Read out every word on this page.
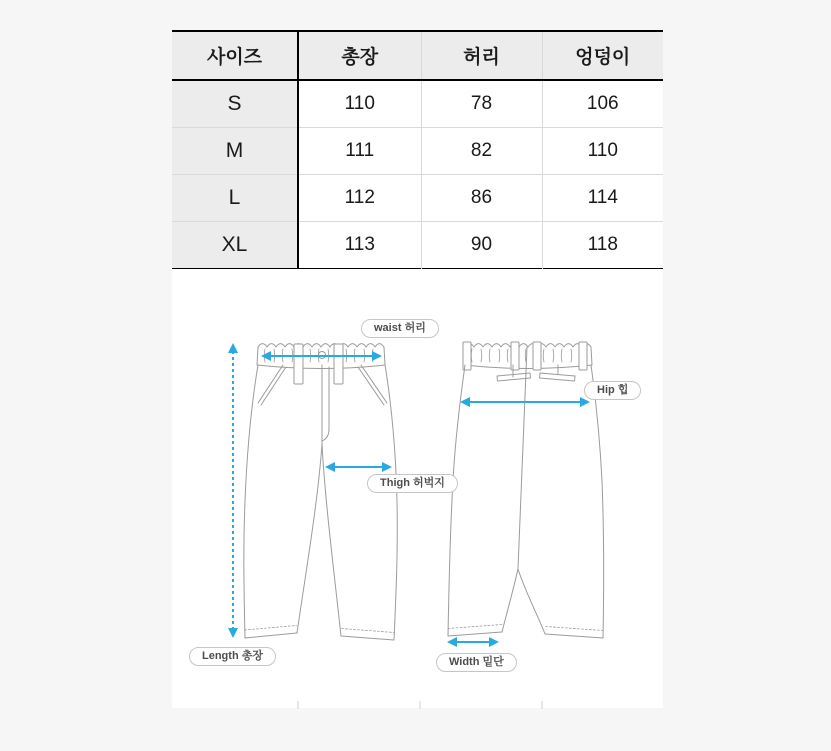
사이즈	총장	허리	엉덩이
S	110	78	106
M	111	82	110
L	112	86	114
XL	113	90	118
waist 허리
Hip 힙
Thigh 허벅지
Length 총장	Width 밑단
